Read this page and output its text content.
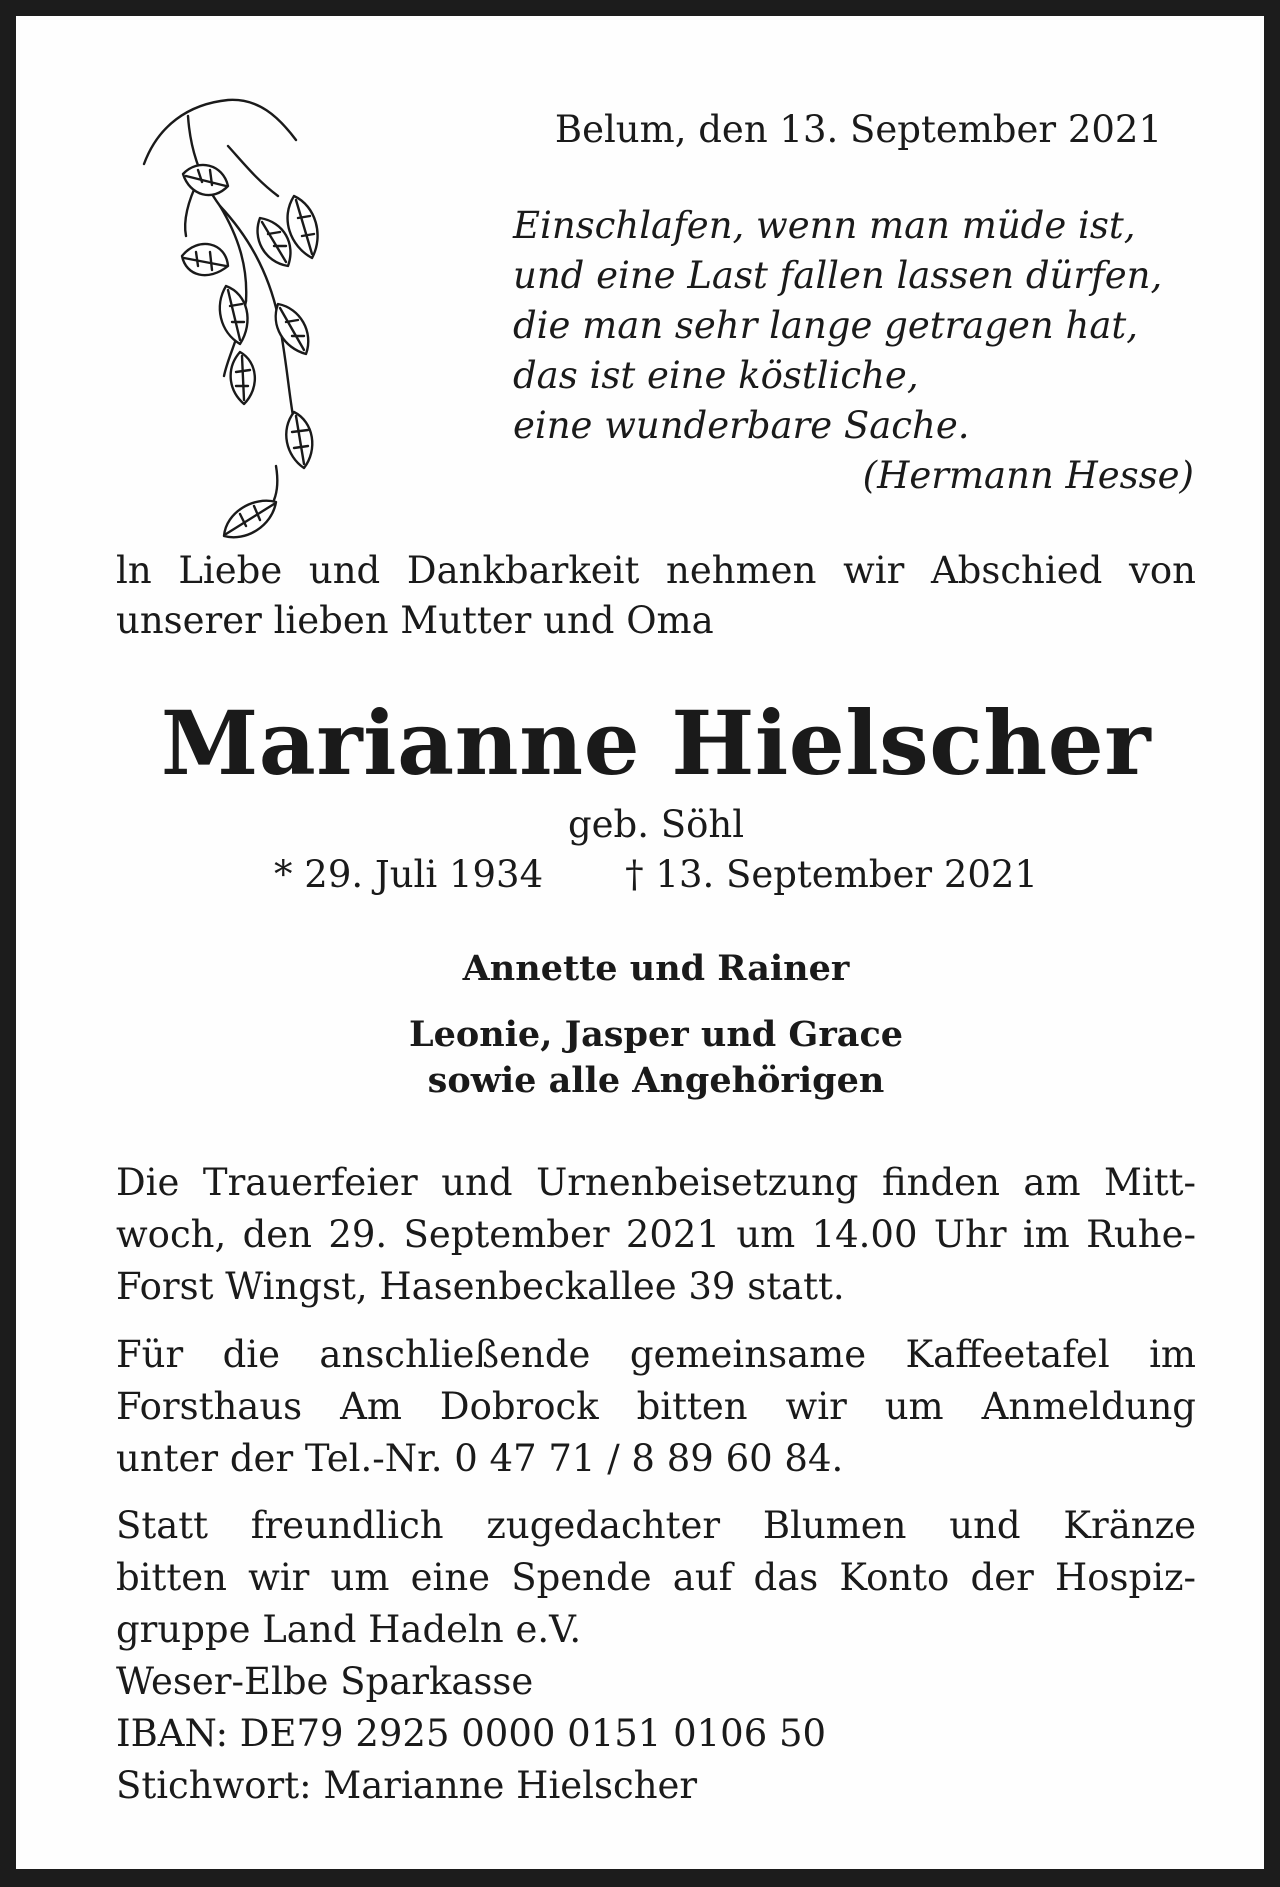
Belum, den 13. September 2021
Einschlafen, wenn man müde ist,
und eine Last fallen lassen dürfen,
die man sehr lange getragen hat,
das ist eine köstliche,
eine wunderbare Sache.
(Hermann Hesse)
ln Liebe und Dankbarkeit nehmen wir Abschied von unserer lieben Mutter und Oma
Marianne Hielscher
geb. Söhl
* 29. Juli 1934 † 13. September 2021
Annette und Rainer
Leonie, Jasper und Grace
sowie alle Angehörigen
Die Trauerfeier und Urnenbeisetzung finden am Mitt-
woch, den 29. September 2021 um 14.00 Uhr im Ruhe-
Forst Wingst, Hasenbeckallee 39 statt.
Für die anschließende gemeinsame Kaffeetafel im
Forsthaus Am Dobrock bitten wir um Anmeldung
unter der Tel.-Nr. 0 47 71 / 8 89 60 84.
Statt freundlich zugedachter Blumen und Kränze
bitten wir um eine Spende auf das Konto der Hospiz-
gruppe Land Hadeln e.V.
Weser-Elbe Sparkasse
IBAN: DE79 2925 0000 0151 0106 50
Stichwort: Marianne Hielscher
